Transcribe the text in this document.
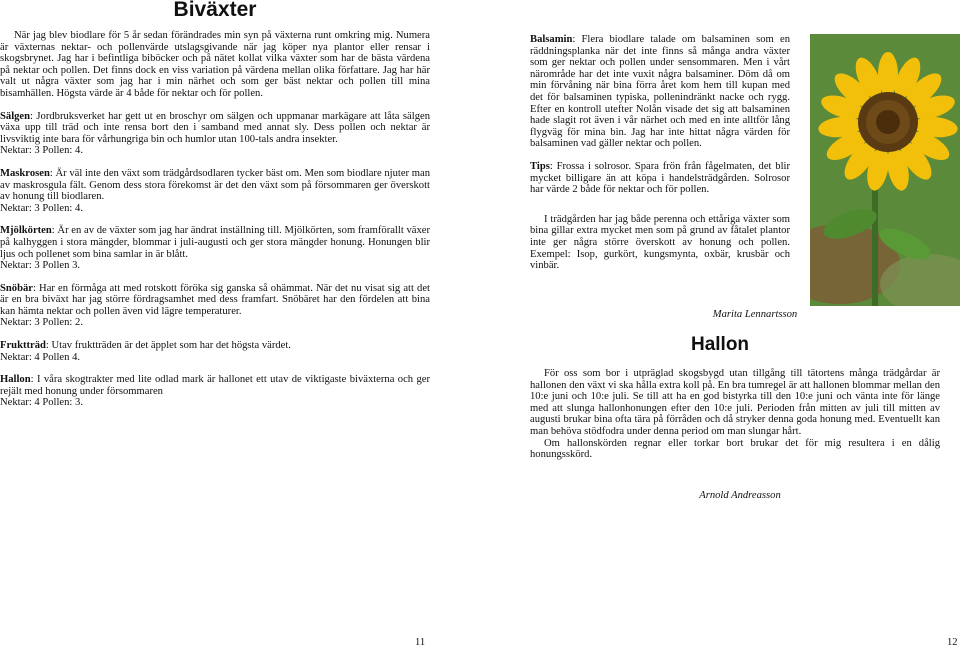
Biväxter

När jag blev biodlare för 5 år sedan förändrades min syn på växterna runt omkring mig. Numera är växternas nektar- och pollenvärde utslagsgivande när jag köper nya plantor eller rensar i skogsbrynet. Jag har i befintliga biböcker och på nätet kollat vilka växter som har de bästa värdena på nektar och pollen. Det finns dock en viss variation på värdena mellan olika författare. Jag har här valt ut några växter som jag har i min närhet och som ger bäst nektar och pollen till mina bisamhällen. Högsta värde är 4 både för nektar och för pollen.

Sälgen: Jordbruksverket har gett ut en broschyr om sälgen och uppmanar markägare att låta sälgen växa upp till träd och inte rensa bort den i samband med annat sly. Dess pollen och nektar är livsviktig inte bara för vårhungriga bin och humlor utan 100-tals andra insekter.
Nektar: 3 Pollen: 4.

Maskrosen: Är väl inte den växt som trädgårdsodlaren tycker bäst om. Men som biodlare njuter man av maskrosgula fält. Genom dess stora förekomst är det den växt som på försommaren ger överskott av honung till biodlaren.
Nektar: 3 Pollen: 4.

Mjölkörten: Är en av de växter som jag har ändrat inställning till. Mjölkörten, som framförallt växer på kalhyggen i stora mängder, blommar i juli-augusti och ger stora mängder honung. Honungen blir ljus och pollenet som bina samlar in är blått.
Nektar: 3 Pollen 3.

Snöbär: Har en förmåga att med rotskott föröka sig ganska så ohämmat. När det nu visat sig att det är en bra biväxt har jag större fördragsamhet med dess framfart. Snöbäret har den fördelen att bina kan hämta nektar och pollen även vid lägre temperaturer.
Nektar: 3 Pollen: 2.

Fruktträd: Utav fruktträden är det äpplet som har det högsta värdet.
Nektar: 4 Pollen 4.

Hallon: I våra skogtrakter med lite odlad mark är hallonet ett utav de viktigaste biväxterna och ger rejält med honung under försommaren
Nektar: 4 Pollen: 3.

11

Balsamin: Flera biodlare talade om balsaminen som en räddningsplanka när det inte finns så många andra växter som ger nektar och pollen under sensommaren. Men i vårt närområde har det inte vuxit några balsaminer. Döm då om min förvåning när bina förra året kom hem till kupan med det för balsaminen typiska, pollenindränkt nacke och rygg. Efter en kontroll utefter Nolån visade det sig att balsaminen hade slagit rot även i vår närhet och med en inte alltför lång flygväg för mina bin. Jag har inte hittat några värden för balsaminen vad gäller nektar och pollen.

Tips: Frossa i solrosor. Spara frön från fågelmaten, det blir mycket billigare än att köpa i handelsträdgården. Solrosor har värde 2 både för nektar och för pollen.

I trädgården har jag både perenna och ettåriga växter som bina gillar extra mycket men som på grund av fåtalet plantor inte ger några större överskott av honung och pollen. Exempel: Isop, gurkört, kungsmynta, oxbär, krusbär och vinbär.

Marita Lennartsson
12
Hallon

För oss som bor i utpräglad skogsbygd utan tillgång till tätortens många trädgårdar är hallonen den växt vi ska hålla extra koll på. En bra tumregel är att hallonen blommar mellan den 10:e juni och 10:e juli. Se till att ha en god bistyrka till den 10:e juni och vänta inte för länge med att slunga hallonhonungen efter den 10:e juli. Perioden från mitten av juli till mitten av augusti brukar bina ofta tära på förråden och då stryker denna goda honung med. Eventuellt kan man behöva stödfodra under denna period om man slungar hårt.

Om hallonskörden regnar eller torkar bort brukar det för mig resultera i en dålig honungsskörd.

Arnold Andreasson
